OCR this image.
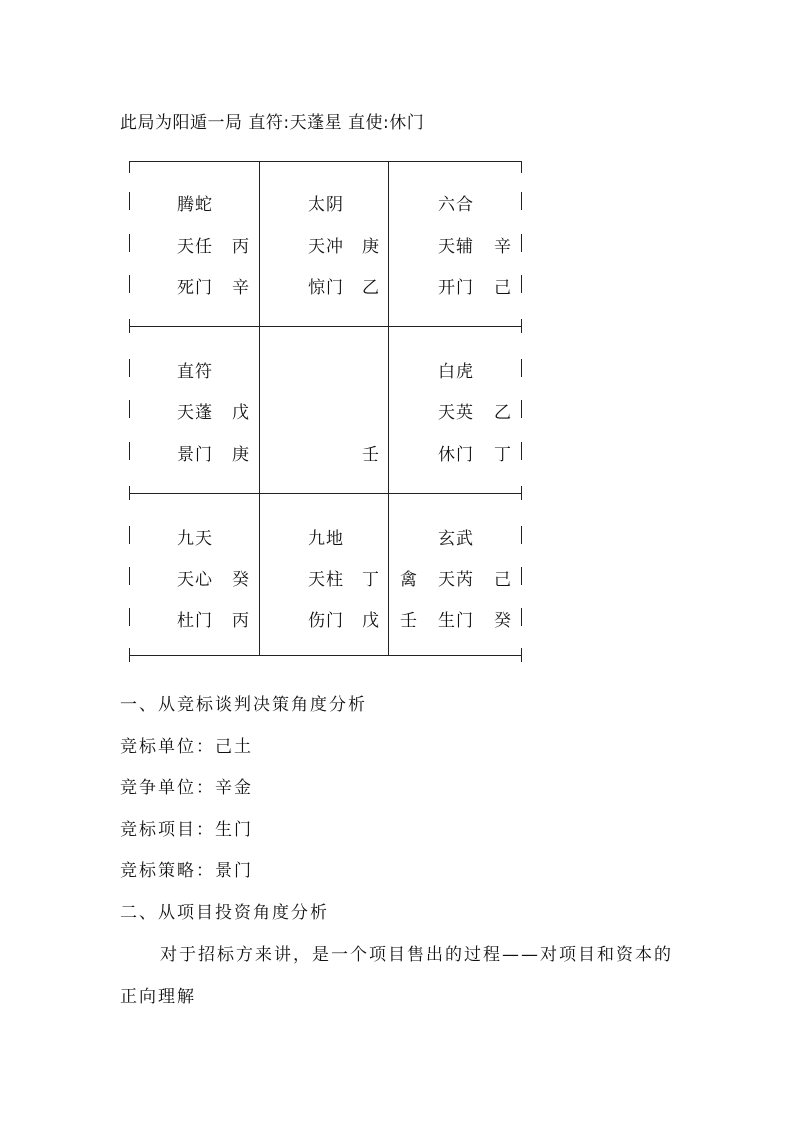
此局为阳遁一局 直符:天蓬星 直使:休门
腾蛇
天任 丙
死门 辛
太阴
天冲 庚
惊门 乙
六合
天辅 辛
开门 己
直符
天蓬 戊
景门 庚	壬
白虎
天英 乙
休门 丁
九天
天心 癸
杜门 丙
九地
天柱 丁
伤门 戊
禽
壬
玄武
天芮 己
生门 癸
一、从竞标谈判决策角度分析
竞标单位：己土
竞争单位：辛金
竞标项目：生门
竞标策略：景门
二、从项目投资角度分析
对于招标方来讲，是一个项目售出的过程——对项目和资本的
正向理解
